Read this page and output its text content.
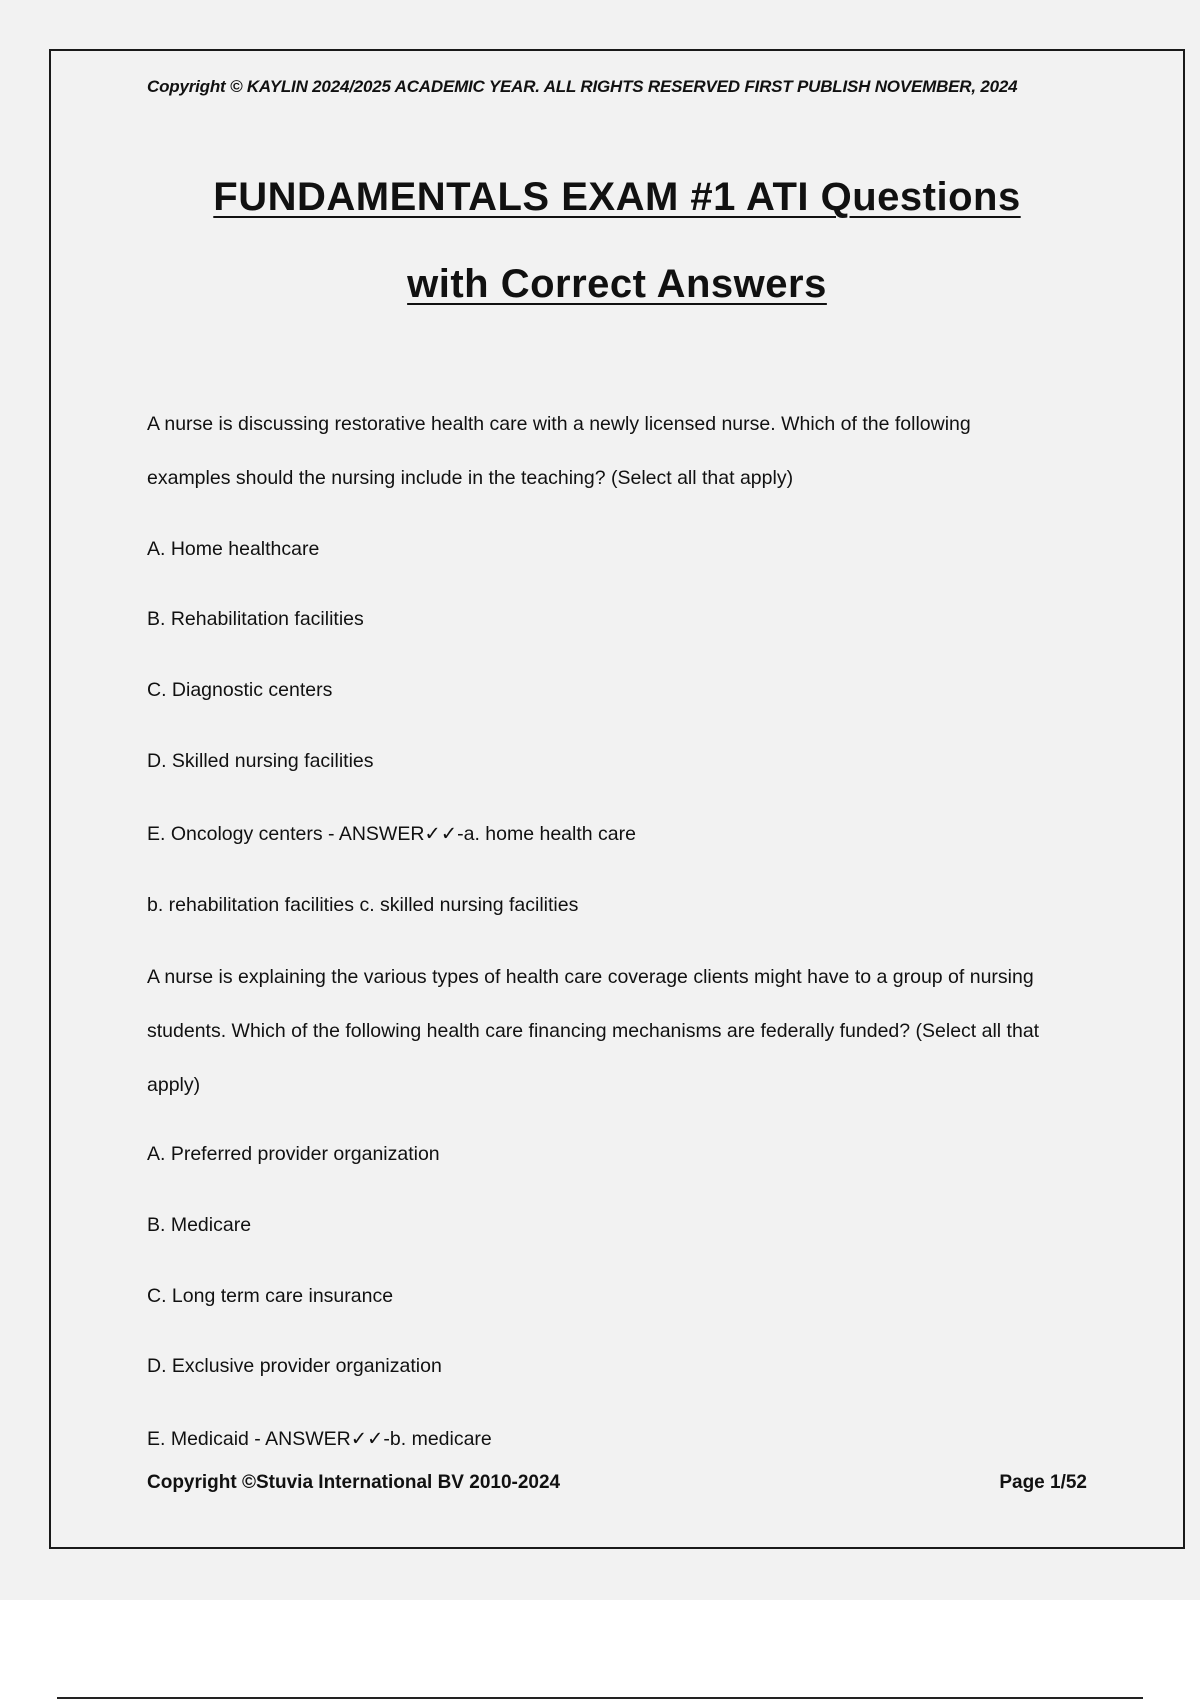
Copyright © KAYLIN 2024/2025 ACADEMIC YEAR. ALL RIGHTS RESERVED FIRST PUBLISH NOVEMBER, 2024
FUNDAMENTALS EXAM #1 ATI Questions
with Correct Answers
A nurse is discussing restorative health care with a newly licensed nurse. Which of the following
examples should the nursing include in the teaching? (Select all that apply)
A. Home healthcare
B. Rehabilitation facilities
C. Diagnostic centers
D. Skilled nursing facilities
E. Oncology centers - ANSWER✓✓-a. home health care
b. rehabilitation facilities c. skilled nursing facilities
A nurse is explaining the various types of health care coverage clients might have to a group of nursing
students. Which of the following health care financing mechanisms are federally funded? (Select all that
apply)
A. Preferred provider organization
B. Medicare
C. Long term care insurance
D. Exclusive provider organization
E. Medicaid - ANSWER✓✓-b. medicare
Copyright ©Stuvia International BV 2010-2024	Page 1/52
